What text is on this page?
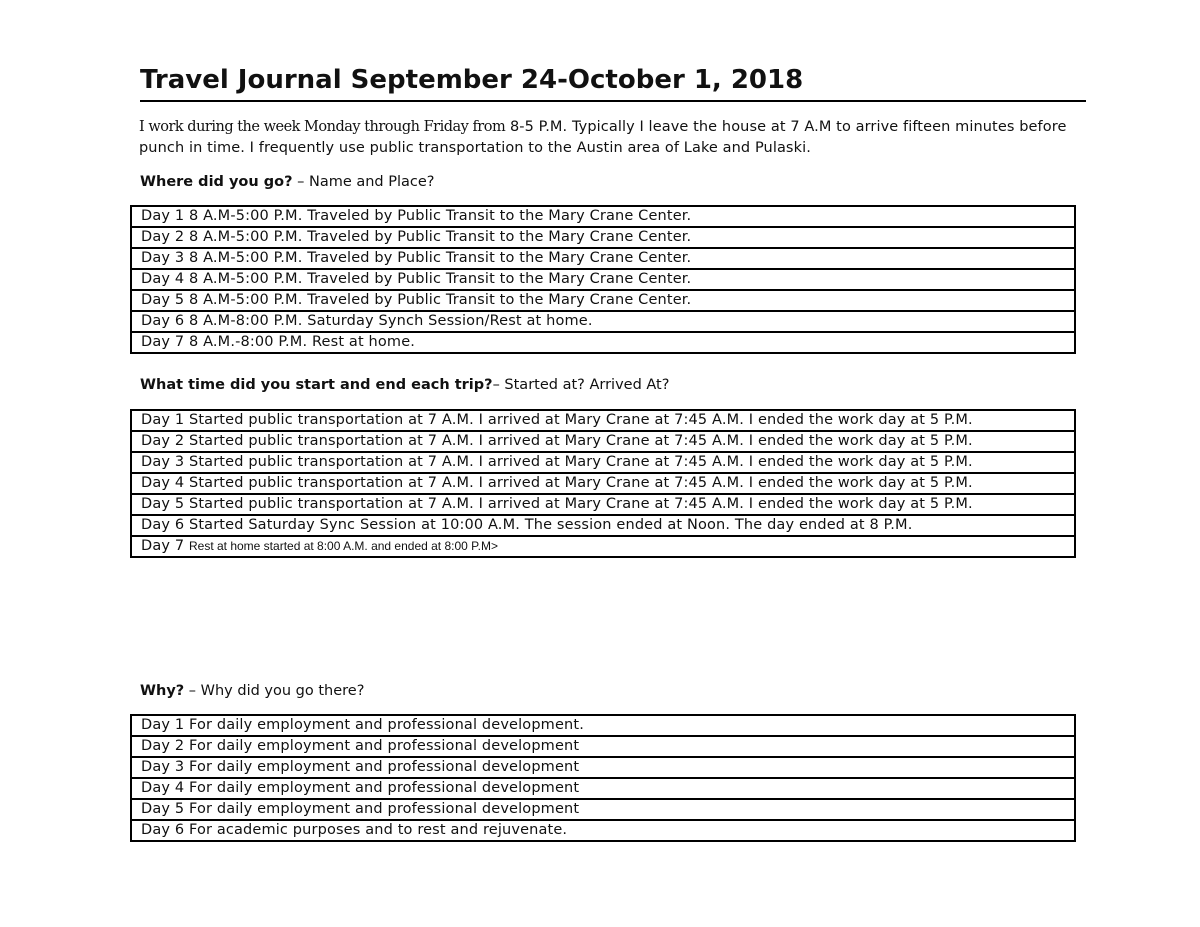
Travel Journal September 24-October 1, 2018
I work during the week Monday through Friday from 8-5 P.M. Typically I leave the house at 7 A.M to arrive fifteen minutes before punch in time. I frequently use public transportation to the Austin area of Lake and Pulaski.
Where did you go? – Name and Place?
Day 1 8 A.M-5:00 P.M. Traveled by Public Transit to the Mary Crane Center.
Day 2 8 A.M-5:00 P.M. Traveled by Public Transit to the Mary Crane Center.
Day 3 8 A.M-5:00 P.M. Traveled by Public Transit to the Mary Crane Center.
Day 4 8 A.M-5:00 P.M. Traveled by Public Transit to the Mary Crane Center.
Day 5 8 A.M-5:00 P.M. Traveled by Public Transit to the Mary Crane Center.
Day 6 8 A.M-8:00 P.M. Saturday Synch Session/Rest at home.
Day 7 8 A.M.-8:00 P.M. Rest at home.
What time did you start and end each trip?– Started at? Arrived At?
Day 1 Started public transportation at 7 A.M. I arrived at Mary Crane at 7:45 A.M. I ended the work day at 5 P.M.
Day 2 Started public transportation at 7 A.M. I arrived at Mary Crane at 7:45 A.M. I ended the work day at 5 P.M.
Day 3 Started public transportation at 7 A.M. I arrived at Mary Crane at 7:45 A.M. I ended the work day at 5 P.M.
Day 4 Started public transportation at 7 A.M. I arrived at Mary Crane at 7:45 A.M. I ended the work day at 5 P.M.
Day 5 Started public transportation at 7 A.M. I arrived at Mary Crane at 7:45 A.M. I ended the work day at 5 P.M.
Day 6 Started Saturday Sync Session at 10:00 A.M. The session ended at Noon. The day ended at 8 P.M.
Day 7 Rest at home started at 8:00 A.M. and ended at 8:00 P.M>
Why? – Why did you go there?
Day 1 For daily employment and professional development.
Day 2 For daily employment and professional development
Day 3 For daily employment and professional development
Day 4 For daily employment and professional development
Day 5 For daily employment and professional development
Day 6 For academic purposes and to rest and rejuvenate.
